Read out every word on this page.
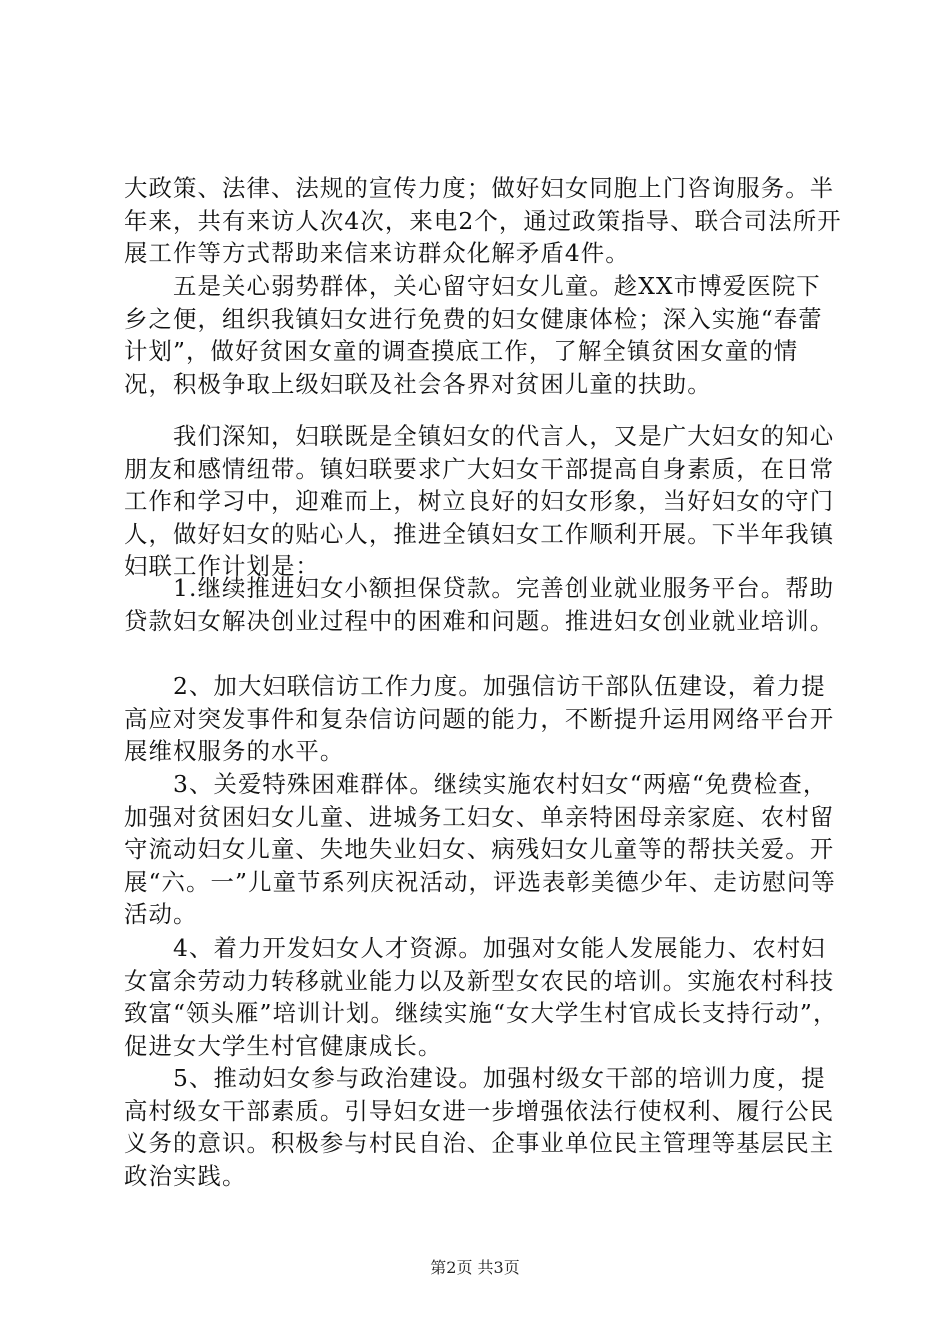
大政策、法律、法规的宣传力度；做好妇女同胞上门咨询服务。半年来，共有来访人次4次，来电2个，通过政策指导、联合司法所开展工作等方式帮助来信来访群众化解矛盾4件。

　　五是关心弱势群体，关心留守妇女儿童。趁XX市博爱医院下乡之便，组织我镇妇女进行免费的妇女健康体检；深入实施“春蕾计划”，做好贫困女童的调查摸底工作，了解全镇贫困女童的情况，积极争取上级妇联及社会各界对贫困儿童的扶助。

　　我们深知，妇联既是全镇妇女的代言人，又是广大妇女的知心朋友和感情纽带。镇妇联要求广大妇女干部提高自身素质，在日常工作和学习中，迎难而上，树立良好的妇女形象，当好妇女的守门人，做好妇女的贴心人，推进全镇妇女工作顺利开展。下半年我镇妇联工作计划是：

　　1.继续推进妇女小额担保贷款。完善创业就业服务平台。帮助贷款妇女解决创业过程中的困难和问题。推进妇女创业就业培训。

　　2、加大妇联信访工作力度。加强信访干部队伍建设，着力提高应对突发事件和复杂信访问题的能力，不断提升运用网络平台开展维权服务的水平。

　　3、关爱特殊困难群体。继续实施农村妇女“两癌“免费检查，加强对贫困妇女儿童、进城务工妇女、单亲特困母亲家庭、农村留守流动妇女儿童、失地失业妇女、病残妇女儿童等的帮扶关爱。开展“六。一”儿童节系列庆祝活动，评选表彰美德少年、走访慰问等活动。

　　4、着力开发妇女人才资源。加强对女能人发展能力、农村妇女富余劳动力转移就业能力以及新型女农民的培训。实施农村科技致富“领头雁”培训计划。继续实施“女大学生村官成长支持行动”，促进女大学生村官健康成长。

　　5、推动妇女参与政治建设。加强村级女干部的培训力度，提高村级女干部素质。引导妇女进一步增强依法行使权利、履行公民义务的意识。积极参与村民自治、企事业单位民主管理等基层民主政治实践。

第2页 共3页
